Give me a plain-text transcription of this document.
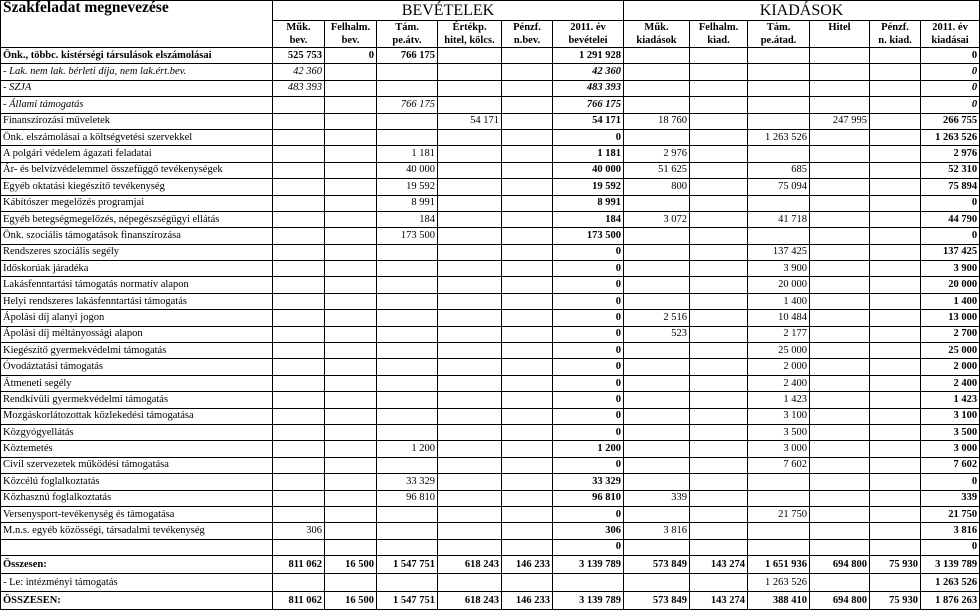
Szakfeladat megnevezése	BEVÉTELEK						KIADÁSOK					
	Műk.	Felhalm.	Tám.	Értékp.	Pénzf.	2011. év	Műk.	Felhalm.	Tám.	Hitel	Pénzf.	2011. év
	bev.	bev.	pe.átv.	hitel, kölcs.	n.bev.	bevételei	kiadások	kiad.	pe.átad.		n. kiad.	kiadásai
Önk., többc. kistérségi társulások elszámolásai	525 753	0	766 175			1 291 928						0
- Lak. nem lak. bérleti díja, nem lak.ért.bev.	42 360					42 360						0
- SZJA	483 393					483 393						0
- Állami támogatás			766 175			766 175						0
Finanszírozási műveletek				54 171		54 171	18 760			247 995		266 755
Önk. elszámolásai a költségvetési szervekkel						0			1 263 526			1 263 526
A polgári védelem ágazati feladatai			1 181			1 181	2 976					2 976
Ár- és belvízvédelemmel összefüggő tevékenységek			40 000			40 000	51 625		685			52 310
Egyéb oktatási kiegészítő tevékenység			19 592			19 592	800		75 094			75 894
Kábítószer megelőzés programjai			8 991			8 991						0
Egyéb betegségmegelőzés, népegészségügyi ellátás			184			184	3 072		41 718			44 790
Önk. szociális támogatások finanszírozása			173 500			173 500						0
Rendszeres szociális segély						0			137 425			137 425
Időskorúak járadéka						0			3 900			3 900
Lakásfenntartási támogatás normatív alapon						0			20 000			20 000
Helyi rendszeres lakásfenntartási támogatás						0			1 400			1 400
Ápolási díj alanyi jogon						0	2 516		10 484			13 000
Ápolási díj méltányossági alapon						0	523		2 177			2 700
Kiegészítő gyermekvédelmi támogatás						0			25 000			25 000
Óvodáztatási támogatás						0			2 000			2 000
Átmeneti segély						0			2 400			2 400
Rendkívüli gyermekvédelmi támogatás						0			1 423			1 423
Mozgáskorlátozottak közlekedési támogatása						0			3 100			3 100
Közgyógyellátás						0			3 500			3 500
Köztemetés			1 200			1 200			3 000			3 000
Civil szervezetek működési támogatása						0			7 602			7 602
Közcélú foglalkoztatás			33 329			33 329						0
Közhasznú foglalkoztatás			96 810			96 810	339					339
Versenysport-tevékenység és támogatása						0			21 750			21 750
M.n.s. egyéb közösségi, társadalmi tevékenység	306					306	3 816					3 816
						0						0
Összesen:	811 062	16 500	1 547 751	618 243	146 233	3 139 789	573 849	143 274	1 651 936	694 800	75 930	3 139 789
- Le: intézményi támogatás									1 263 526			1 263 526
ÖSSZESEN:	811 062	16 500	1 547 751	618 243	146 233	3 139 789	573 849	143 274	388 410	694 800	75 930	1 876 263
